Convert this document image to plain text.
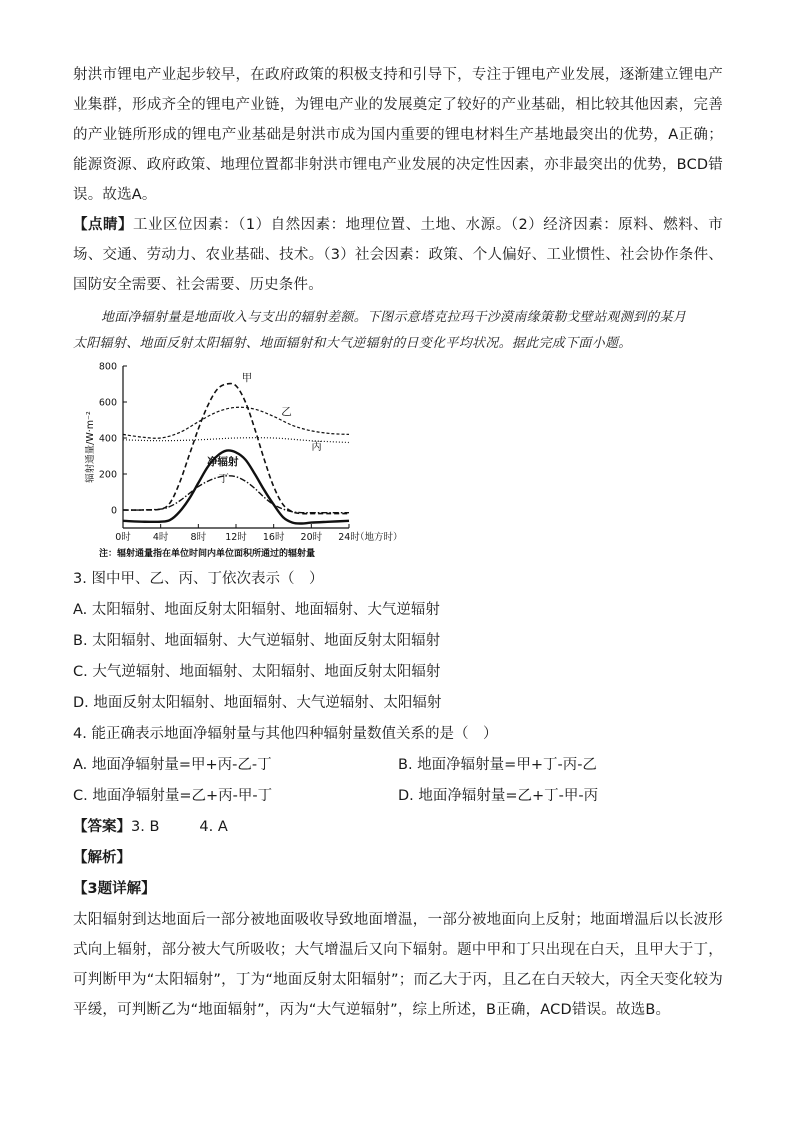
射洪市锂电产业起步较早，在政府政策的积极支持和引导下，专注于锂电产业发展，逐渐建立锂电产业集群，形成齐全的锂电产业链，为锂电产业的发展奠定了较好的产业基础，相比较其他因素，完善的产业链所形成的锂电产业基础是射洪市成为国内重要的锂电材料生产基地最突出的优势，A正确；能源资源、政府政策、地理位置都非射洪市锂电产业发展的决定性因素，亦非最突出的优势，BCD错误。故选A。

【点睛】工业区位因素：（1）自然因素：地理位置、土地、水源。（2）经济因素：原料、燃料、市场、交通、劳动力、农业基础、技术。（3）社会因素：政策、个人偏好、工业惯性、社会协作条件、国防安全需要、社会需要、历史条件。

地面净辐射量是地面收入与支出的辐射差额。下图示意塔克拉玛干沙漠南缘策勒戈壁站观测到的某月

太阳辐射、地面反射太阳辐射、地面辐射和大气逆辐射的日变化平均状况。据此完成下面小题。

0
200
400
600
800
0时 4时 8时 12时 16时 20时 24时
（地方时）
辐射通量/W·m⁻²
甲
乙
丙
净辐射
丁
注：辐射通量指在单位时间内单位面积所通过的辐射量

3. 图中甲、乙、丙、丁依次表示（　）

A. 太阳辐射、地面反射太阳辐射、地面辐射、大气逆辐射

B. 太阳辐射、地面辐射、大气逆辐射、地面反射太阳辐射

C. 大气逆辐射、地面辐射、太阳辐射、地面反射太阳辐射

D. 地面反射太阳辐射、地面辐射、大气逆辐射、太阳辐射

4. 能正确表示地面净辐射量与其他四种辐射量数值关系的是（　）

A. 地面净辐射量=甲+丙-乙-丁	B. 地面净辐射量=甲+丁-丙-乙

C. 地面净辐射量=乙+丙-甲-丁	D. 地面净辐射量=乙+丁-甲-丙

【答案】3. B	4. A

【解析】

【3题详解】

太阳辐射到达地面后一部分被地面吸收导致地面增温，一部分被地面向上反射；地面增温后以长波形式向上辐射，部分被大气所吸收；大气增温后又向下辐射。题中甲和丁只出现在白天，且甲大于丁，可判断甲为“太阳辐射”，丁为“地面反射太阳辐射”；而乙大于丙，且乙在白天较大，丙全天变化较为平缓，可判断乙为“地面辐射”，丙为“大气逆辐射”，综上所述，B正确，ACD错误。故选B。
